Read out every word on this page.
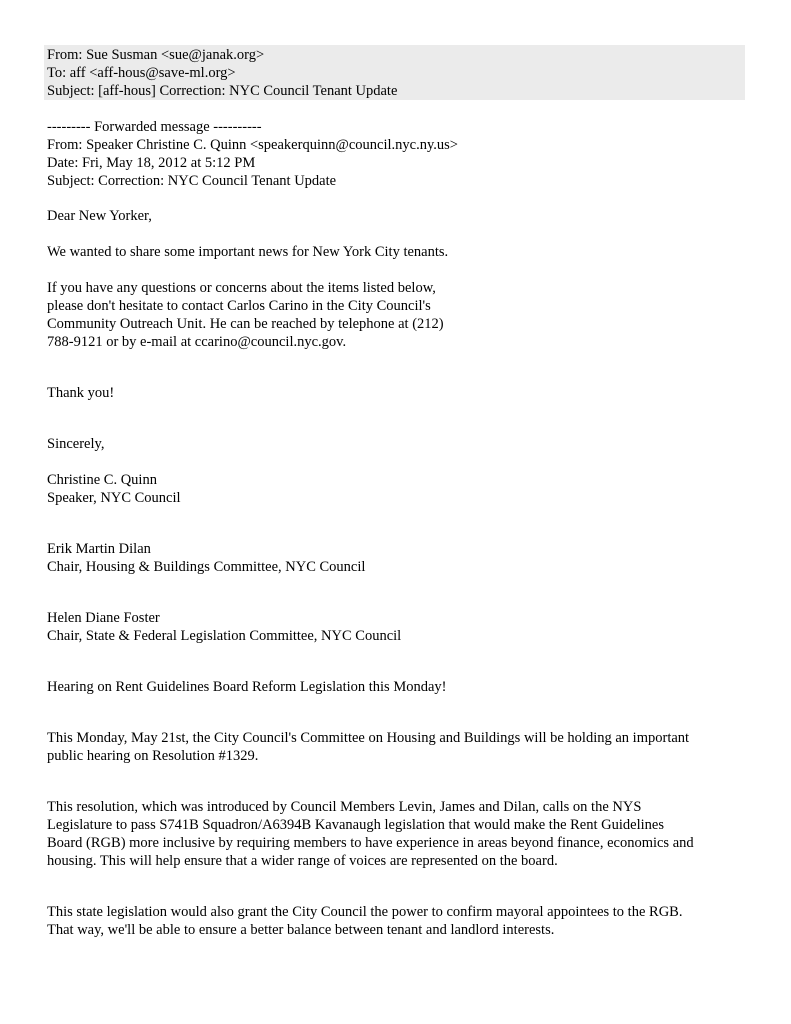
From: Sue Susman <sue@janak.org>
To: aff <aff-hous@save-ml.org>
Subject: [aff-hous] Correction: NYC Council Tenant Update
--------- Forwarded message ----------
From: Speaker Christine C. Quinn <speakerquinn@council.nyc.ny.us>
Date: Fri, May 18, 2012 at 5:12 PM
Subject: Correction: NYC Council Tenant Update
Dear New Yorker,
We wanted to share some important news for New York City tenants.
If you have any questions or concerns about the items listed below,
please don't hesitate to contact Carlos Carino in the City Council's
Community Outreach Unit. He can be reached by telephone at (212)
788-9121 or by e-mail at ccarino@council.nyc.gov.
Thank you!
Sincerely,
Christine C. Quinn
Speaker, NYC Council
Erik Martin Dilan
Chair, Housing & Buildings Committee, NYC Council
Helen Diane Foster
Chair, State & Federal Legislation Committee, NYC Council
Hearing on Rent Guidelines Board Reform Legislation this Monday!
This Monday, May 21st, the City Council's Committee on Housing and Buildings will be holding an important
public hearing on Resolution #1329.
This resolution, which was introduced by Council Members Levin, James and Dilan, calls on the NYS
Legislature to pass S741B Squadron/A6394B Kavanaugh legislation that would make the Rent Guidelines
Board (RGB) more inclusive by requiring members to have experience in areas beyond finance, economics and
housing. This will help ensure that a wider range of voices are represented on the board.
This state legislation would also grant the City Council the power to confirm mayoral appointees to the RGB.
That way, we'll be able to ensure a better balance between tenant and landlord interests.
